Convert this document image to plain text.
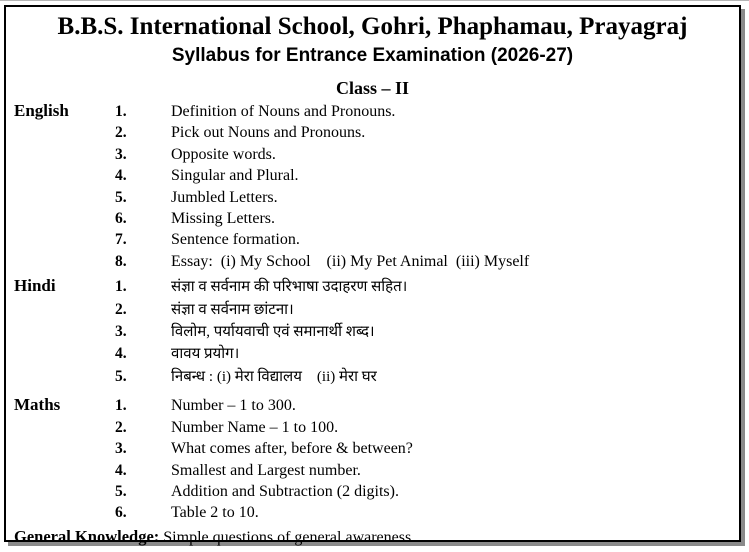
B.B.S. International School, Gohri, Phaphamau, Prayagraj
Syllabus for Entrance Examination (2026-27)
Class – II
English	1.	Definition of Nouns and Pronouns.
2.	Pick out Nouns and Pronouns.
3.	Opposite words.
4.	Singular and Plural.
5.	Jumbled Letters.
6.	Missing Letters.
7.	Sentence formation.
8.	Essay:  (i) My School    (ii) My Pet Animal  (iii) Myself
Hindi	1.	संज्ञा व सर्वनाम की परिभाषा उदाहरण सहित।
2.	संज्ञा व सर्वनाम छांटना।
3.	विलोम, पर्यायवाची एवं समानार्थी शब्द।
4.	वावय प्रयोग।
5.	निबन्ध : (i) मेरा विद्यालय    (ii) मेरा घर
Maths	1.	Number – 1 to 300.
2.	Number Name – 1 to 100.
3.	What comes after, before & between?
4.	Smallest and Largest number.
5.	Addition and Subtraction (2 digits).
6.	Table 2 to 10.
General Knowledge: Simple questions of general awareness.
